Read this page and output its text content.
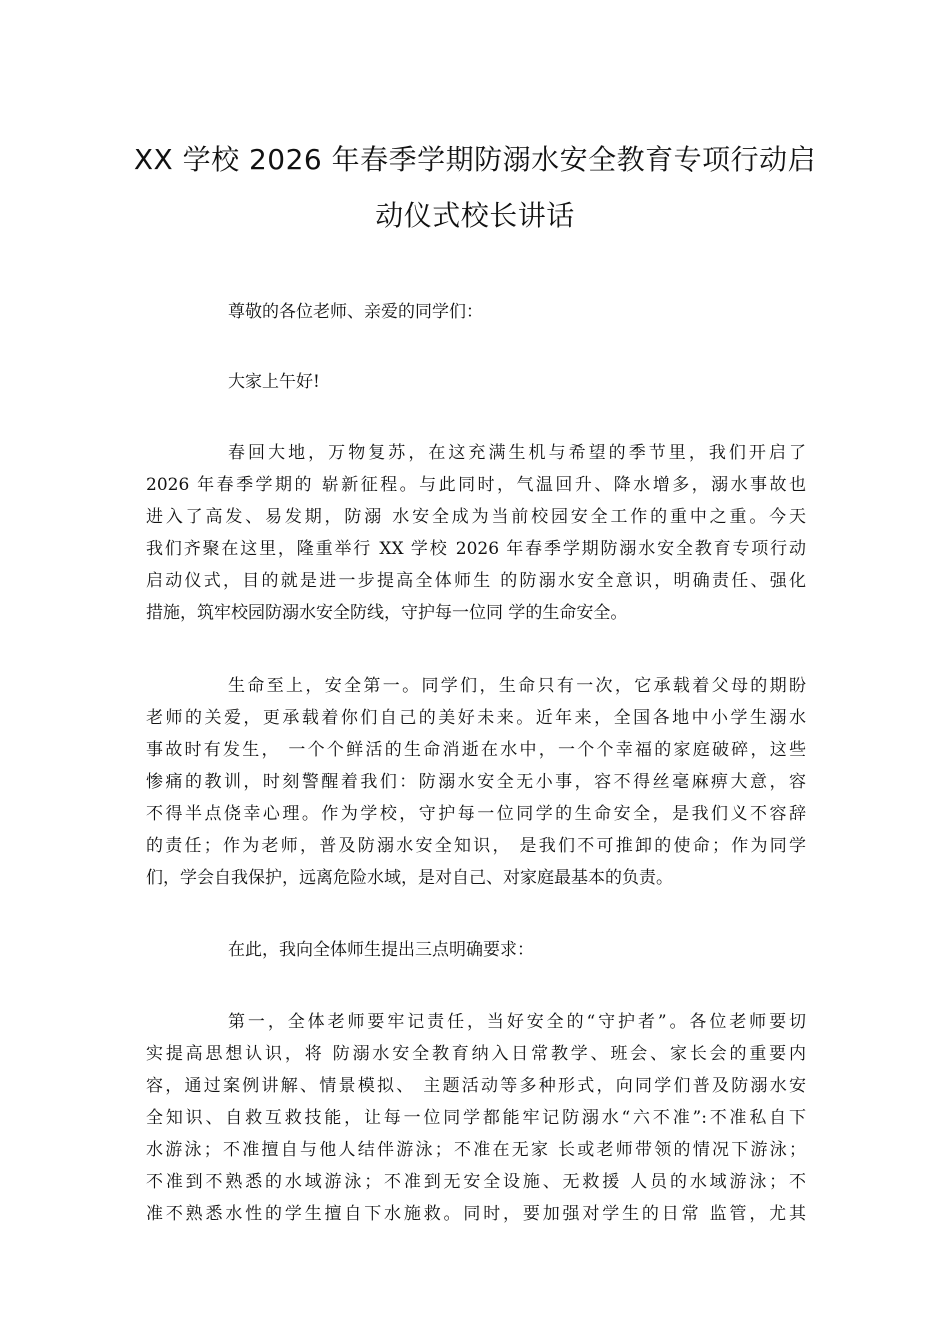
XX 学校 2026 年春季学期防溺水安全教育专项行动启
动仪式校长讲话
尊敬的各位老师、亲爱的同学们：
大家上午好!
春回大地，万物复苏，在这充满生机与希望的季节里，我们开启了
2026 年春季学期的 崭新征程。与此同时，气温回升、降水增多，溺水事故也
进入了高发、易发期，防溺 水安全成为当前校园安全工作的重中之重。今天
我们齐聚在这里，隆重举行 XX 学校 2026 年春季学期防溺水安全教育专项行动
启动仪式，目的就是进一步提高全体师生 的防溺水安全意识，明确责任、强化
措施，筑牢校园防溺水安全防线，守护每一位同 学的生命安全。
生命至上，安全第一。同学们，生命只有一次，它承载着父母的期盼
老师的关爱，更承载着你们自己的美好未来。近年来，全国各地中小学生溺水
事故时有发生， 一个个鲜活的生命消逝在水中，一个个幸福的家庭破碎，这些
惨痛的教训，时刻警醒着我们：防溺水安全无小事，容不得丝毫麻痹大意，容
不得半点侥幸心理。作为学校，守护每一位同学的生命安全，是我们义不容辞
的责任；作为老师，普及防溺水安全知识， 是我们不可推卸的使命；作为同学
们，学会自我保护，远离危险水域，是对自己、对家庭最基本的负责。
在此，我向全体师生提出三点明确要求：
第一，全体老师要牢记责任，当好安全的“守护者”。各位老师要切
实提高思想认识，将 防溺水安全教育纳入日常教学、班会、家长会的重要内
容，通过案例讲解、情景模拟、 主题活动等多种形式，向同学们普及防溺水安
全知识、自救互救技能，让每一位同学都能牢记防溺水“六不准”:不准私自下
水游泳；不准擅自与他人结伴游泳；不准在无家 长或老师带领的情况下游泳；
不准到不熟悉的水域游泳；不准到无安全设施、无救援 人员的水域游泳；不
准不熟悉水性的学生擅自下水施救。同时，要加强对学生的日常 监管，尤其
